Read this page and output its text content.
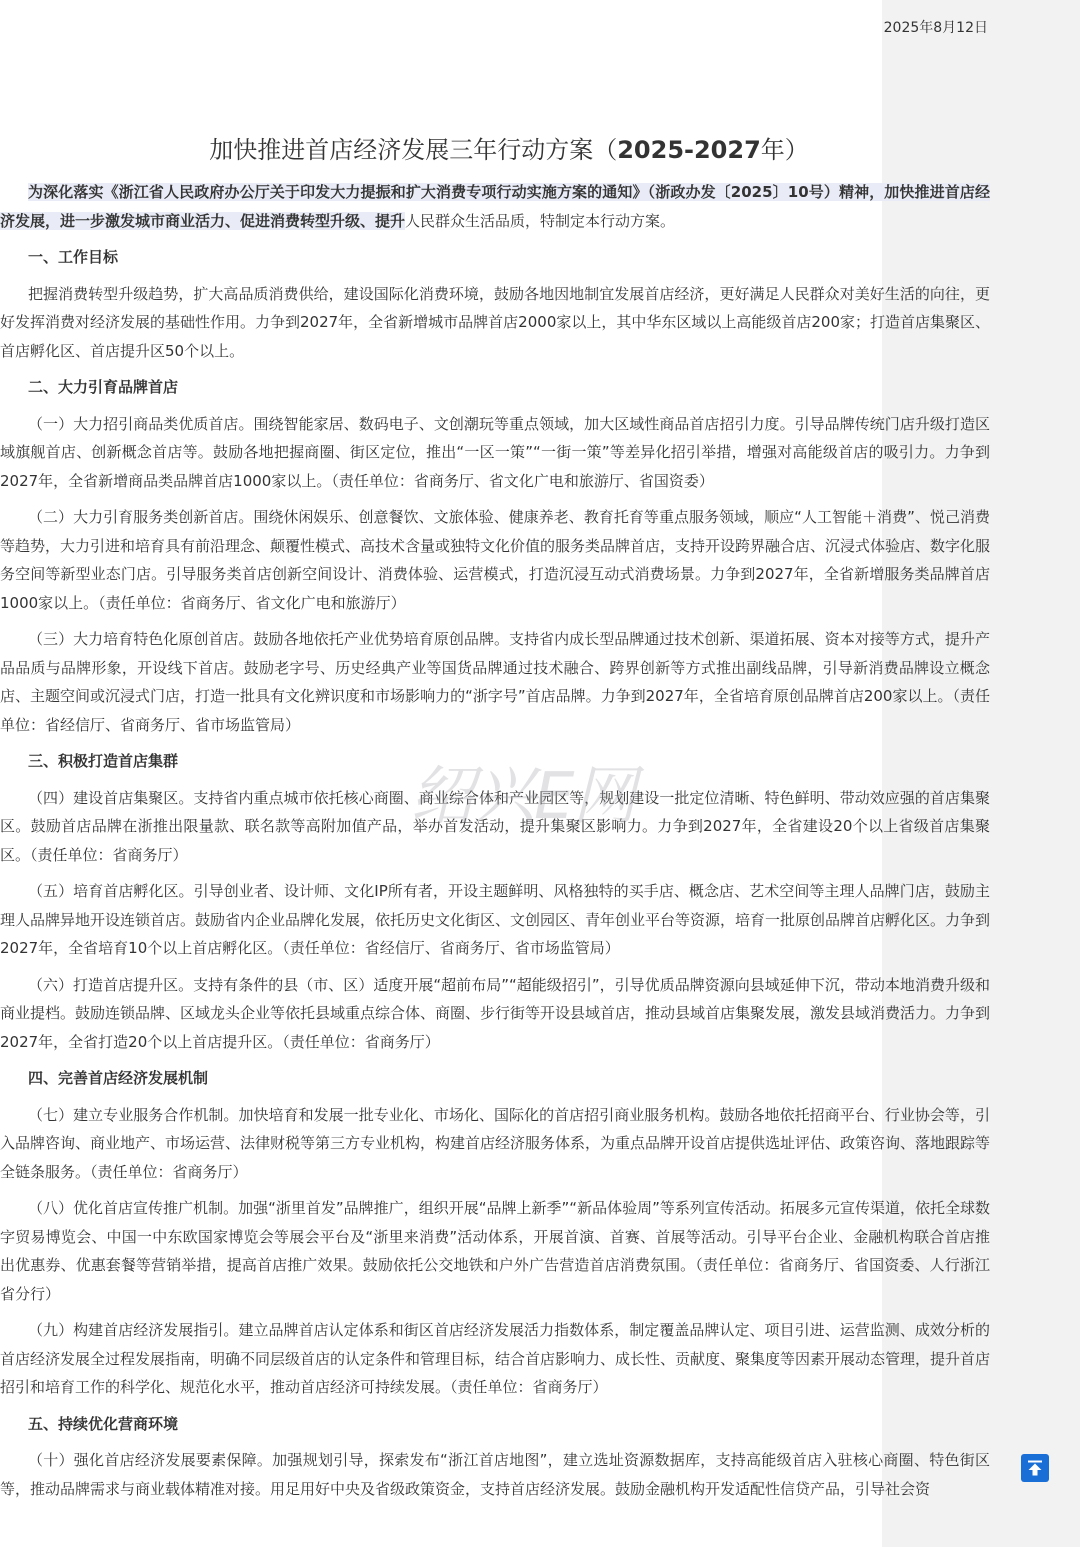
2025年8月12日
加快推进首店经济发展三年行动方案（2025-2027年）

为深化落实《浙江省人民政府办公厅关于印发大力提振和扩大消费专项行动实施方案的通知》（浙政办发〔2025〕10号）精神，加快推进首店经济发展，进一步激发城市商业活力、促进消费转型升级、提升人民群众生活品质，特制定本行动方案。

一、工作目标

把握消费转型升级趋势，扩大高品质消费供给，建设国际化消费环境，鼓励各地因地制宜发展首店经济，更好满足人民群众对美好生活的向往，更好发挥消费对经济发展的基础性作用。力争到2027年，全省新增城市品牌首店2000家以上，其中华东区域以上高能级首店200家；打造首店集聚区、首店孵化区、首店提升区50个以上。

二、大力引育品牌首店

（一）大力招引商品类优质首店。围绕智能家居、数码电子、文创潮玩等重点领域，加大区域性商品首店招引力度。引导品牌传统门店升级打造区域旗舰首店、创新概念首店等。鼓励各地把握商圈、街区定位，推出“一区一策”“一街一策”等差异化招引举措，增强对高能级首店的吸引力。力争到2027年，全省新增商品类品牌首店1000家以上。（责任单位：省商务厅、省文化广电和旅游厅、省国资委）

（二）大力引育服务类创新首店。围绕休闲娱乐、创意餐饮、文旅体验、健康养老、教育托育等重点服务领域，顺应“人工智能＋消费”、悦己消费等趋势，大力引进和培育具有前沿理念、颠覆性模式、高技术含量或独特文化价值的服务类品牌首店，支持开设跨界融合店、沉浸式体验店、数字化服务空间等新型业态门店。引导服务类首店创新空间设计、消费体验、运营模式，打造沉浸互动式消费场景。力争到2027年，全省新增服务类品牌首店1000家以上。（责任单位：省商务厅、省文化广电和旅游厅）

（三）大力培育特色化原创首店。鼓励各地依托产业优势培育原创品牌。支持省内成长型品牌通过技术创新、渠道拓展、资本对接等方式，提升产品品质与品牌形象，开设线下首店。鼓励老字号、历史经典产业等国货品牌通过技术融合、跨界创新等方式推出副线品牌，引导新消费品牌设立概念店、主题空间或沉浸式门店，打造一批具有文化辨识度和市场影响力的“浙字号”首店品牌。力争到2027年，全省培育原创品牌首店200家以上。（责任单位：省经信厅、省商务厅、省市场监管局）

三、积极打造首店集群

（四）建设首店集聚区。支持省内重点城市依托核心商圈、商业综合体和产业园区等，规划建设一批定位清晰、特色鲜明、带动效应强的首店集聚区。鼓励首店品牌在浙推出限量款、联名款等高附加值产品，举办首发活动，提升集聚区影响力。力争到2027年，全省建设20个以上省级首店集聚区。（责任单位：省商务厅）

（五）培育首店孵化区。引导创业者、设计师、文化IP所有者，开设主题鲜明、风格独特的买手店、概念店、艺术空间等主理人品牌门店，鼓励主理人品牌异地开设连锁首店。鼓励省内企业品牌化发展，依托历史文化街区、文创园区、青年创业平台等资源，培育一批原创品牌首店孵化区。力争到2027年，全省培育10个以上首店孵化区。（责任单位：省经信厅、省商务厅、省市场监管局）

（六）打造首店提升区。支持有条件的县（市、区）适度开展“超前布局”“超能级招引”，引导优质品牌资源向县域延伸下沉，带动本地消费升级和商业提档。鼓励连锁品牌、区域龙头企业等依托县域重点综合体、商圈、步行街等开设县域首店，推动县域首店集聚发展，激发县域消费活力。力争到2027年，全省打造20个以上首店提升区。（责任单位：省商务厅）

四、完善首店经济发展机制

（七）建立专业服务合作机制。加快培育和发展一批专业化、市场化、国际化的首店招引商业服务机构。鼓励各地依托招商平台、行业协会等，引入品牌咨询、商业地产、市场运营、法律财税等第三方专业机构，构建首店经济服务体系，为重点品牌开设首店提供选址评估、政策咨询、落地跟踪等全链条服务。（责任单位：省商务厅）

（八）优化首店宣传推广机制。加强“浙里首发”品牌推广，组织开展“品牌上新季”“新品体验周”等系列宣传活动。拓展多元宣传渠道，依托全球数字贸易博览会、中国一中东欧国家博览会等展会平台及“浙里来消费”活动体系，开展首演、首赛、首展等活动。引导平台企业、金融机构联合首店推出优惠券、优惠套餐等营销举措，提高首店推广效果。鼓励依托公交地铁和户外广告营造首店消费氛围。（责任单位：省商务厅、省国资委、人行浙江省分行）

（九）构建首店经济发展指引。建立品牌首店认定体系和街区首店经济发展活力指数体系，制定覆盖品牌认定、项目引进、运营监测、成效分析的首店经济发展全过程发展指南，明确不同层级首店的认定条件和管理目标，结合首店影响力、成长性、贡献度、聚集度等因素开展动态管理，提升首店招引和培育工作的科学化、规范化水平，推动首店经济可持续发展。（责任单位：省商务厅）

五、持续优化营商环境

（十）强化首店经济发展要素保障。加强规划引导，探索发布“浙江首店地图”，建立选址资源数据库，支持高能级首店入驻核心商圈、特色街区等，推动品牌需求与商业载体精准对接。用足用好中央及省级政策资金，支持首店经济发展。鼓励金融机构开发适配性信贷产品，引导社会资

绍兴E网
